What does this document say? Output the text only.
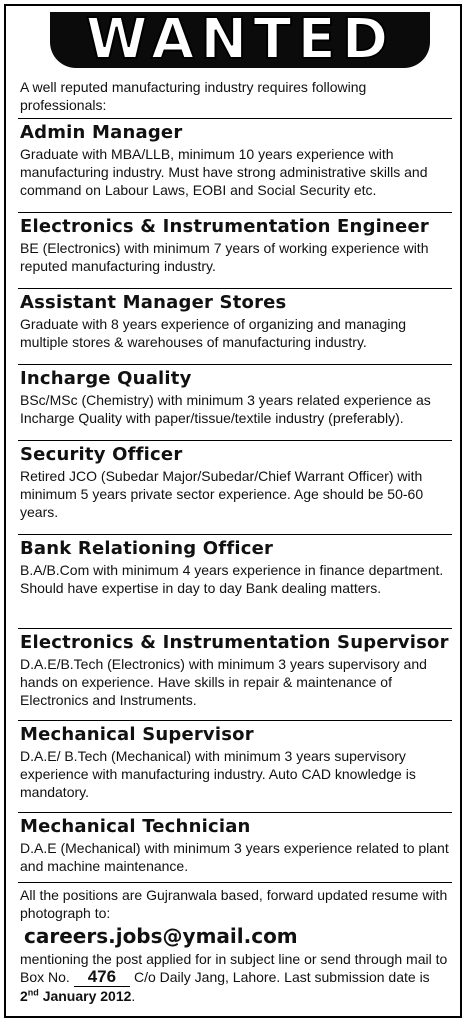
WANTED
A well reputed manufacturing industry requires following professionals:
Admin Manager
Graduate with MBA/LLB, minimum 10 years experience with manufacturing industry. Must have strong administrative skills and command on Labour Laws, EOBI and Social Security etc.
Electronics & Instrumentation Engineer
BE (Electronics) with minimum 7 years of working experience with reputed manufacturing industry.
Assistant Manager Stores
Graduate with 8 years experience of organizing and managing multiple stores & warehouses of manufacturing industry.
Incharge Quality
BSc/MSc (Chemistry) with minimum 3 years related experience as Incharge Quality with paper/tissue/textile industry (preferably).
Security Officer
Retired JCO (Subedar Major/Subedar/Chief Warrant Officer) with minimum 5 years private sector experience. Age should be 50-60 years.
Bank Relationing Officer
B.A/B.Com with minimum 4 years experience in finance department. Should have expertise in day to day Bank dealing matters.
Electronics & Instrumentation Supervisor
D.A.E/B.Tech (Electronics) with minimum 3 years supervisory and hands on experience. Have skills in repair & maintenance of Electronics and Instruments.
Mechanical Supervisor
D.A.E/ B.Tech (Mechanical) with minimum 3 years supervisory experience with manufacturing industry. Auto CAD knowledge is mandatory.
Mechanical Technician
D.A.E (Mechanical) with minimum 3 years experience related to plant and machine maintenance.
All the positions are Gujranwala based, forward updated resume with photograph to:
careers.jobs@ymail.com
mentioning the post applied for in subject line or send through mail to Box No. 476 C/o Daily Jang, Lahore. Last submission date is 2nd January 2012.
